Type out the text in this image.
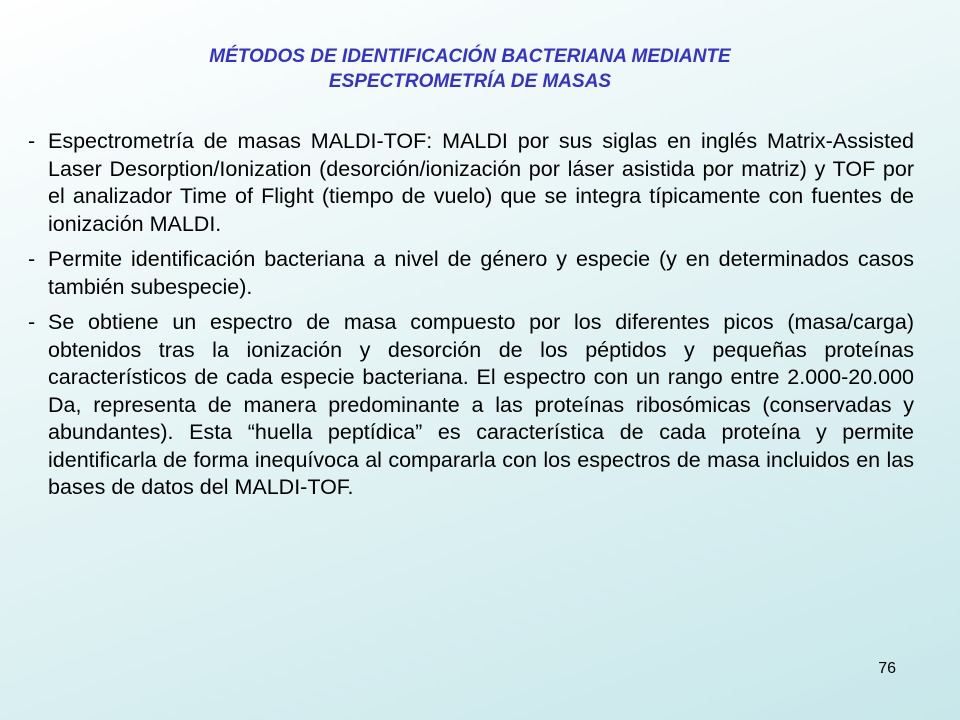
MÉTODOS DE IDENTIFICACIÓN BACTERIANA MEDIANTE
ESPECTROMETRÍA DE MASAS
- Espectrometría de masas MALDI-TOF: MALDI por sus siglas en inglés Matrix-Assisted Laser Desorption/Ionization (desorción/ionización por láser asistida por matriz) y TOF por el analizador Time of Flight (tiempo de vuelo) que se integra típicamente con fuentes de ionización MALDI.
- Permite identificación bacteriana a nivel de género y especie (y en determinados casos también subespecie).
- Se obtiene un espectro de masa compuesto por los diferentes picos (masa/carga) obtenidos tras la ionización y desorción de los péptidos y pequeñas proteínas característicos de cada especie bacteriana. El espectro con un rango entre 2.000-20.000 Da, representa de manera predominante a las proteínas ribosómicas (conservadas y abundantes). Esta “huella peptídica” es característica de cada proteína y permite identificarla de forma inequívoca al compararla con los espectros de masa incluidos en las bases de datos del MALDI-TOF.
76
